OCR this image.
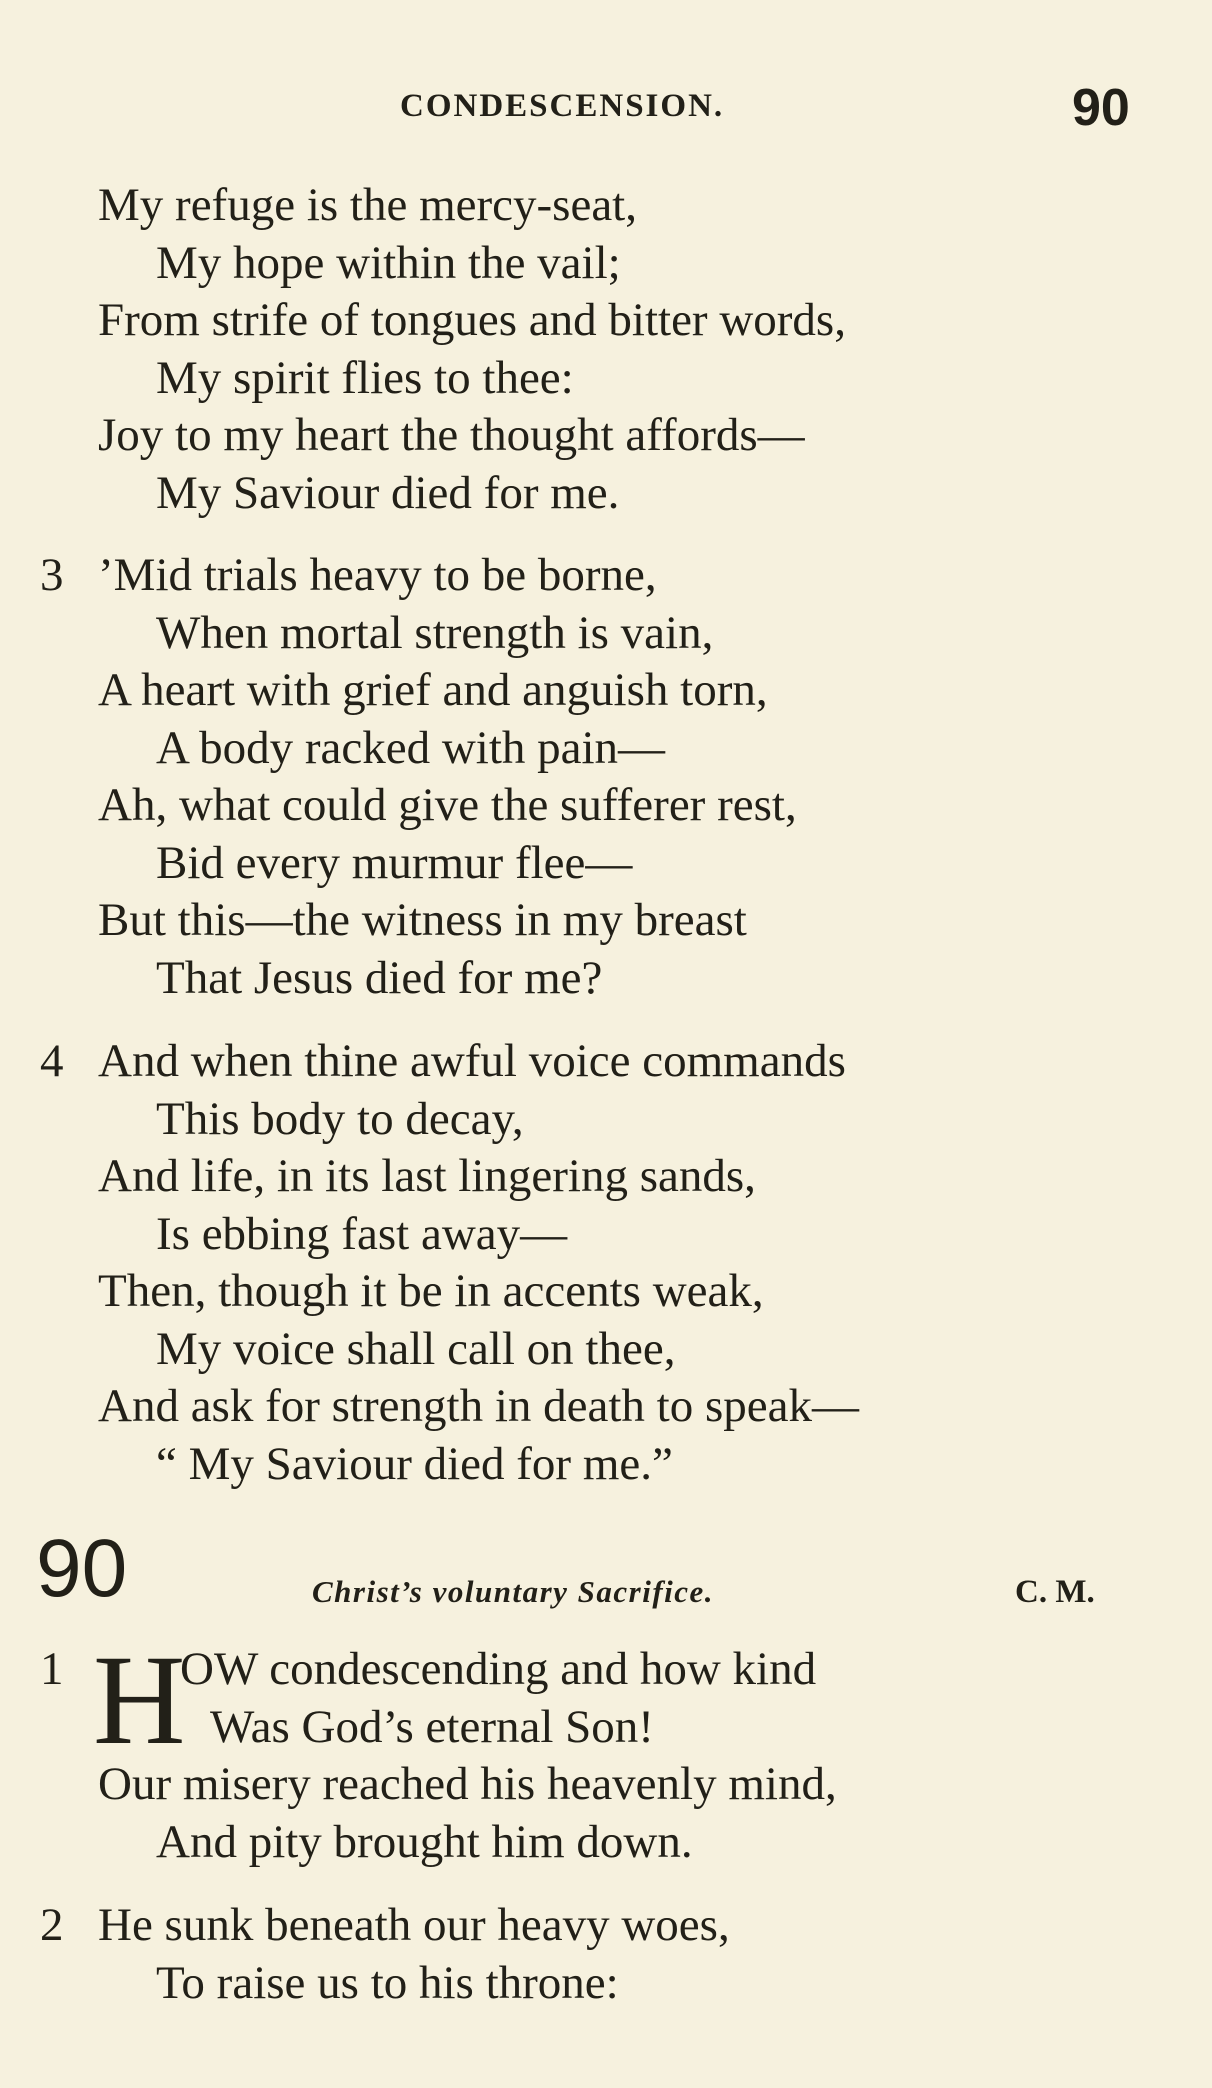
CONDESCENSION.	90
My refuge is the mercy-seat,
My hope within the vail;
From strife of tongues and bitter words,
My spirit flies to thee:
Joy to my heart the thought affords—
My Saviour died for me.
3 ’Mid trials heavy to be borne,
When mortal strength is vain,
A heart with grief and anguish torn,
A body racked with pain—
Ah, what could give the sufferer rest,
Bid every murmur flee—
But this—the witness in my breast
That Jesus died for me?
4 And when thine awful voice commands
This body to decay,
And life, in its last lingering sands,
Is ebbing fast away—
Then, though it be in accents weak,
My voice shall call on thee,
And ask for strength in death to speak—
“ My Saviour died for me.”
90	Christ’s voluntary Sacrifice.	C. M.
1 H
OW condescending and how kind
Was God’s eternal Son!
Our misery reached his heavenly mind,
And pity brought him down.
2 He sunk beneath our heavy woes,
To raise us to his throne:
